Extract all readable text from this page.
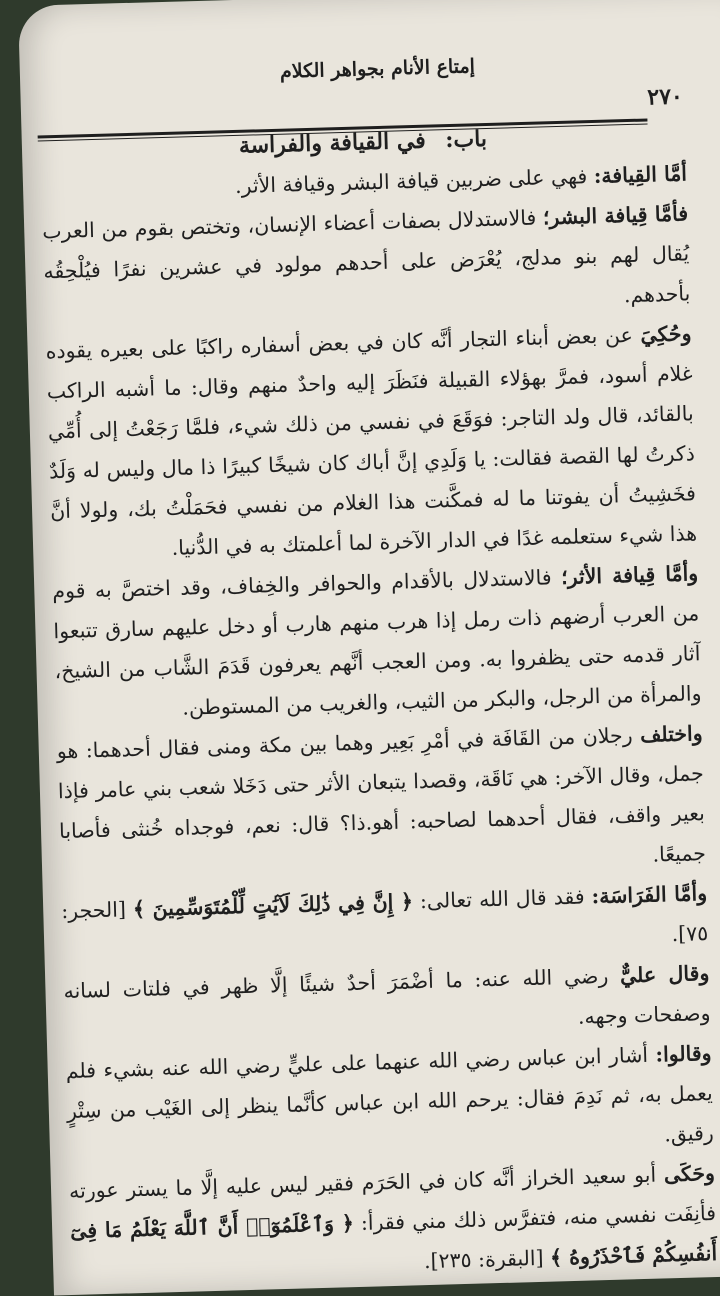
إمتاع الأنام بجواهر الكلام
٢٧٠
باب: في القيافة والفراسة

أمَّا القِيافة: فهي على ضربين قيافة البشر وقيافة الأثر.

فأمَّا قِيافة البشر؛ فالاستدلال بصفات أعضاء الإنسان، وتختص بقوم من العرب يُقال لهم بنو مدلج، يُعْرَض على أحدهم مولود في عشرين نفرًا فيُلْحِقُه بأحدهم.

وحُكِيَ عن بعض أبناء التجار أنَّه كان في بعض أسفاره راكبًا على بعيره يقوده غلام أسود، فمرَّ بهؤلاء القبيلة فنَظَرَ إليه واحدٌ منهم وقال: ما أشبه الراكب بالقائد، قال ولد التاجر: فوَقَعَ في نفسي من ذلك شيء، فلمَّا رَجَعْتُ إلى أُمِّي ذكرتُ لها القصة فقالت: يا وَلَدِي إنَّ أباك كان شيخًا كبيرًا ذا مال وليس له وَلَدٌ فخَشِيتُ أن يفوتنا ما له فمكَّنت هذا الغلام من نفسي فحَمَلْتُ بك، ولولا أنَّ هذا شيء ستعلمه غدًا في الدار الآخرة لما أعلمتك به في الدُّنيا.

وأمَّا قِيافة الأثر؛ فالاستدلال بالأقدام والحوافر والخِفاف، وقد اختصَّ به قوم من العرب أرضهم ذات رمل إذا هرب منهم هارب أو دخل عليهم سارق تتبعوا آثار قدمه حتى يظفروا به. ومن العجب أنَّهم يعرفون قَدَمَ الشَّاب من الشيخ، والمرأة من الرجل، والبكر من الثيب، والغريب من المستوطن.

واختلف رجلان من القَافَة في أمْرِ بَعِير وهما بين مكة ومنى فقال أحدهما: هو جمل، وقال الآخر: هي نَاقَة، وقصدا يتبعان الأثر حتى دَخَلا شعب بني عامر فإذا بعير واقف، فقال أحدهما لصاحبه: أهو.ذا؟ قال: نعم، فوجداه خُنثى فأصابا جميعًا.

وأمَّا الفَرَاسَة: فقد قال الله تعالى: ﴿ إِنَّ فِي ذَٰلِكَ لَآيَٰتٍ لِّلْمُتَوَسِّمِينَ ﴾ [الحجر: ٧٥].

وقال عليٌّ رضي الله عنه: ما أضْمَرَ أحدٌ شيئًا إلَّا ظهر في فلتات لسانه وصفحات وجهه.

وقالوا: أشار ابن عباس رضي الله عنهما على عليٍّ رضي الله عنه بشيء فلم يعمل به، ثم نَدِمَ فقال: يرحم الله ابن عباس كأنَّما ينظر إلى الغَيْب من سِتْرٍ رقيق.

وحَكَى أبو سعيد الخراز أنَّه كان في الحَرَم فقير ليس عليه إلَّا ما يستر عورته فأنِفَت نفسي منه، فتفرَّس ذلك مني فقرأ: ﴿ وَٱعْلَمُوٓا۟ أَنَّ ٱللَّهَ يَعْلَمُ مَا فِىٓ أَنفُسِكُمْ فَٱحْذَرُوهُ ﴾ [البقرة: ٢٣٥].
